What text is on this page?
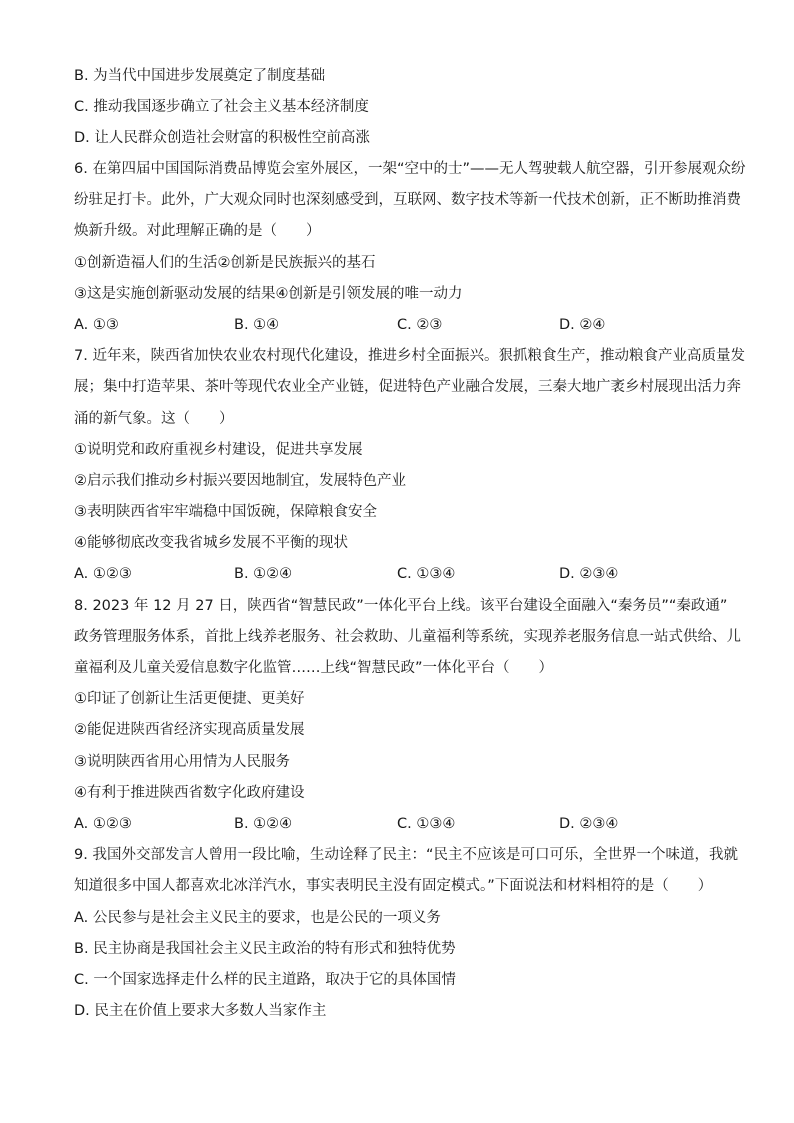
B. 为当代中国进步发展奠定了制度基础
C. 推动我国逐步确立了社会主义基本经济制度
D. 让人民群众创造社会财富的积极性空前高涨
6. 在第四届中国国际消费品博览会室外展区，一架“空中的士”——无人驾驶载人航空器，引开参展观众纷
纷驻足打卡。此外，广大观众同时也深刻感受到，互联网、数字技术等新一代技术创新，正不断助推消费
焕新升级。对此理解正确的是（　　）
①创新造福人们的生活②创新是民族振兴的基石
③这是实施创新驱动发展的结果④创新是引领发展的唯一动力
A. ①③	B. ①④	C. ②③	D. ②④
7. 近年来，陕西省加快农业农村现代化建设，推进乡村全面振兴。狠抓粮食生产，推动粮食产业高质量发
展；集中打造苹果、茶叶等现代农业全产业链，促进特色产业融合发展，三秦大地广袤乡村展现出活力奔
涌的新气象。这（　　）
①说明党和政府重视乡村建设，促进共享发展
②启示我们推动乡村振兴要因地制宜，发展特色产业
③表明陕西省牢牢端稳中国饭碗，保障粮食安全
④能够彻底改变我省城乡发展不平衡的现状
A. ①②③	B. ①②④	C. ①③④	D. ②③④
8. 2023 年 12 月 27 日，陕西省“智慧民政”一体化平台上线。该平台建设全面融入“秦务员”“秦政通”
政务管理服务体系，首批上线养老服务、社会救助、儿童福利等系统，实现养老服务信息一站式供给、儿
童福利及儿童关爱信息数字化监管……上线“智慧民政”一体化平台（　　）
①印证了创新让生活更便捷、更美好
②能促进陕西省经济实现高质量发展
③说明陕西省用心用情为人民服务
④有利于推进陕西省数字化政府建设
A. ①②③	B. ①②④	C. ①③④	D. ②③④
9. 我国外交部发言人曾用一段比喻，生动诠释了民主：“民主不应该是可口可乐，全世界一个味道，我就
知道很多中国人都喜欢北冰洋汽水，事实表明民主没有固定模式。”下面说法和材料相符的是（　　）
A. 公民参与是社会主义民主的要求，也是公民的一项义务
B. 民主协商是我国社会主义民主政治的特有形式和独特优势
C. 一个国家选择走什么样的民主道路，取决于它的具体国情
D. 民主在价值上要求大多数人当家作主
